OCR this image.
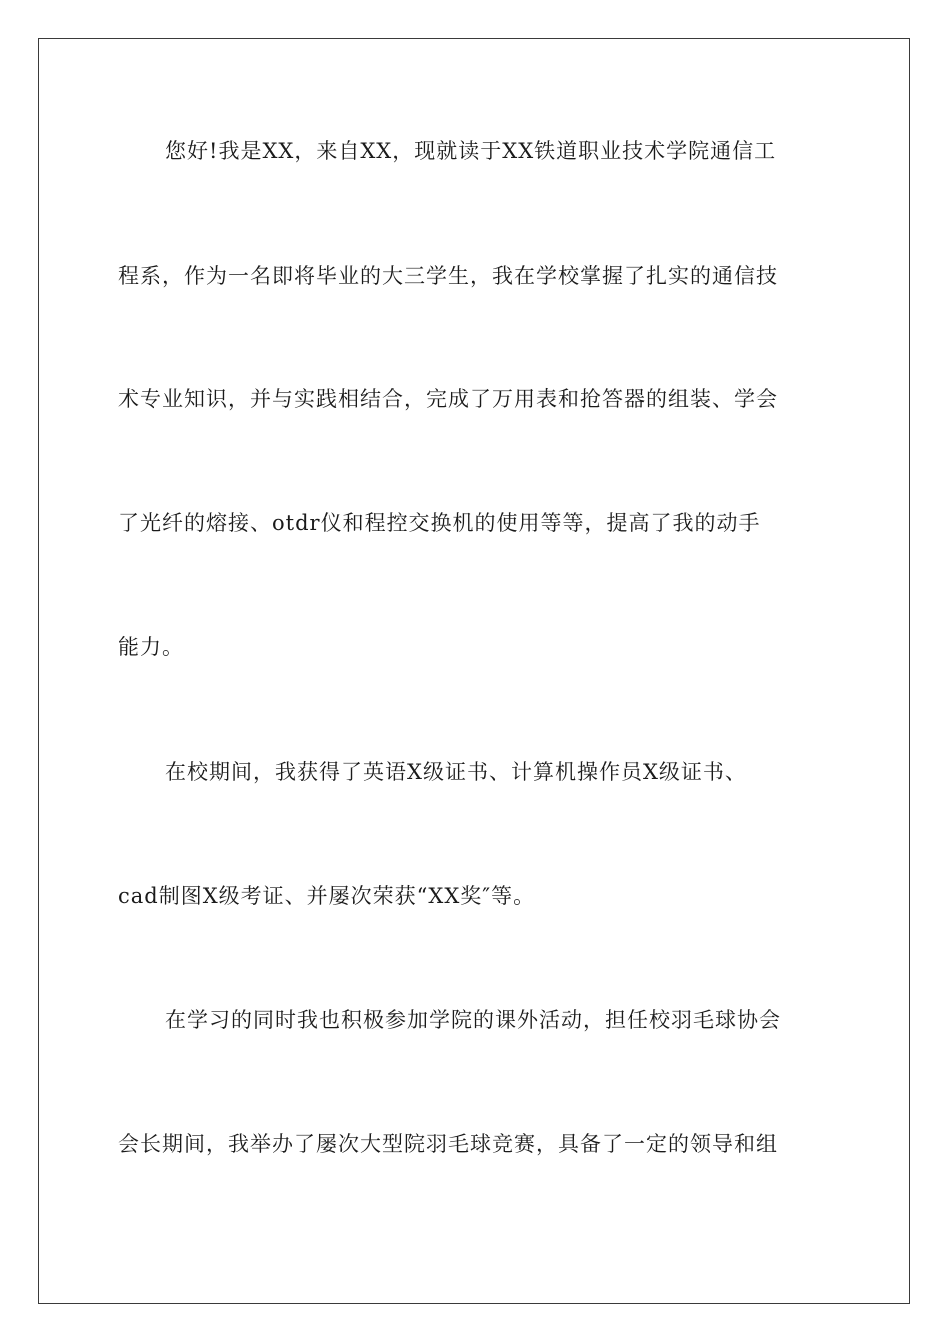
您好!我是XX，来自XX，现就读于XX铁道职业技术学院通信工
程系，作为一名即将毕业的大三学生，我在学校掌握了扎实的通信技
术专业知识，并与实践相结合，完成了万用表和抢答器的组装、学会
了光纤的熔接、otdr仪和程控交换机的使用等等，提高了我的动手
能力。
在校期间，我获得了英语X级证书、计算机操作员X级证书、
cad制图X级考证、并屡次荣获“XX奖″等。
在学习的同时我也积极参加学院的课外活动，担任校羽毛球协会
会长期间，我举办了屡次大型院羽毛球竞赛，具备了一定的领导和组
